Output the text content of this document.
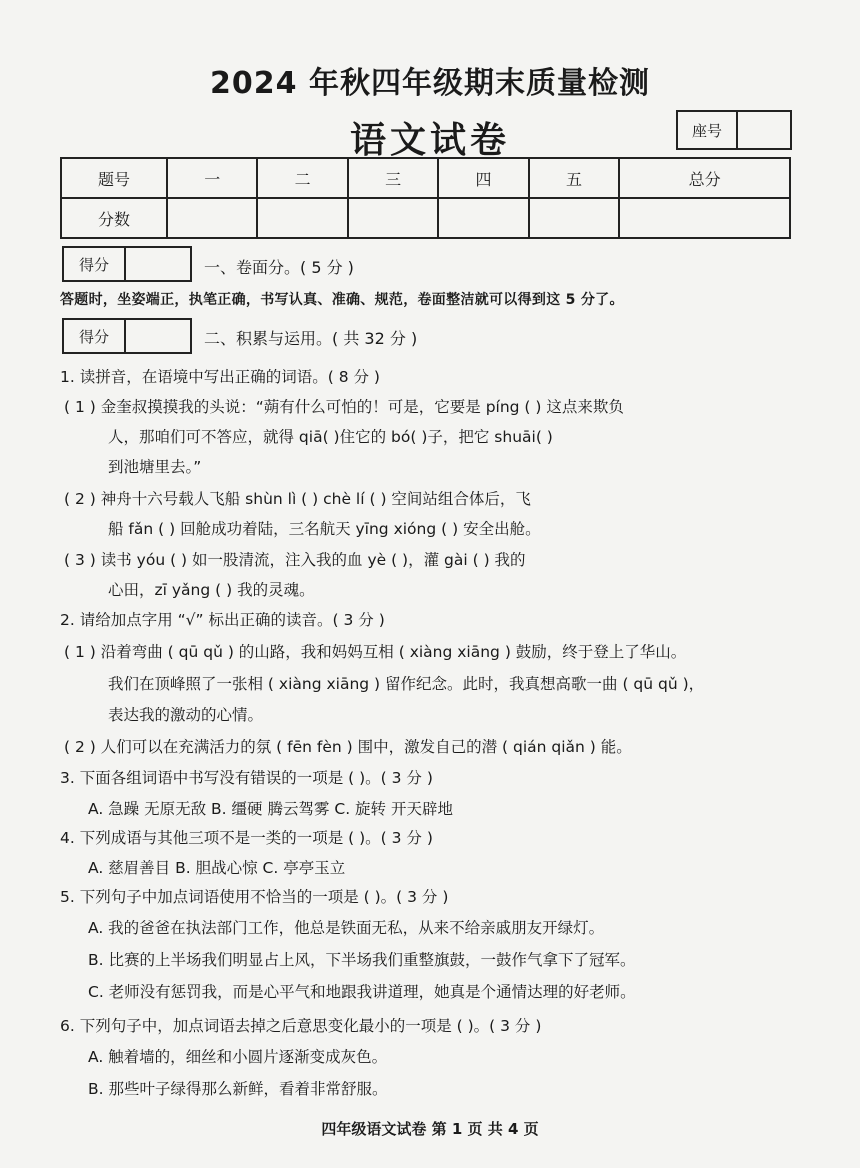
2024 年秋四年级期末质量检测
语文试卷	座号
题号	一	二	三	四	五	总分
分数						
得分	一、卷面分。( 5 分 )
答题时，坐姿端正，执笔正确，书写认真、准确、规范，卷面整洁就可以得到这 5 分了。
得分	二、积累与运用。( 共 32 分 )
1. 读拼音，在语境中写出正确的词语。( 8 分 )
( 1 ) 金奎叔摸摸我的头说：“蒴有什么可怕的！可是，它要是 píng ( ) 这点来欺负
人，那咱们可不答应，就得 qiā( )住它的 bó( )子，把它 shuāi( )
到池塘里去。”
( 2 ) 神舟十六号载人飞船 shùn lì ( ) chè lí ( ) 空间站组合体后，飞
船 fǎn ( ) 回舱成功着陆，三名航天 yīng xióng ( ) 安全出舱。
( 3 ) 读书 yóu ( ) 如一股清流，注入我的血 yè ( )，灌 gài ( ) 我的
心田，zī yǎng ( ) 我的灵魂。
2. 请给加点字用 “√” 标出正确的读音。( 3 分 )
( 1 ) 沿着弯曲 ( qū qǔ ) 的山路，我和妈妈互相 ( xiàng xiāng ) 鼓励，终于登上了华山。
我们在顶峰照了一张相 ( xiàng xiāng ) 留作纪念。此时，我真想高歌一曲 ( qū qǔ )，
表达我的激动的心情。
( 2 ) 人们可以在充满活力的氛 ( fēn fèn ) 围中，激发自己的潜 ( qián qiǎn ) 能。
3. 下面各组词语中书写没有错误的一项是 ( )。( 3 分 )
A. 急躁 无原无敌 B. 缰硬 腾云驾雾 C. 旋转 开天辟地
4. 下列成语与其他三项不是一类的一项是 ( )。( 3 分 )
A. 慈眉善目 B. 胆战心惊 C. 亭亭玉立
5. 下列句子中加点词语使用不恰当的一项是 ( )。( 3 分 )
A. 我的爸爸在执法部门工作，他总是铁面无私，从来不给亲戚朋友开绿灯。
B. 比赛的上半场我们明显占上风，下半场我们重整旗鼓，一鼓作气拿下了冠军。
C. 老师没有惩罚我，而是心平气和地跟我讲道理，她真是个通情达理的好老师。
6. 下列句子中，加点词语去掉之后意思变化最小的一项是 ( )。( 3 分 )
A. 触着墙的，细丝和小圆片逐渐变成灰色。
B. 那些叶子绿得那么新鲜，看着非常舒服。
四年级语文试卷 第 1 页 共 4 页
